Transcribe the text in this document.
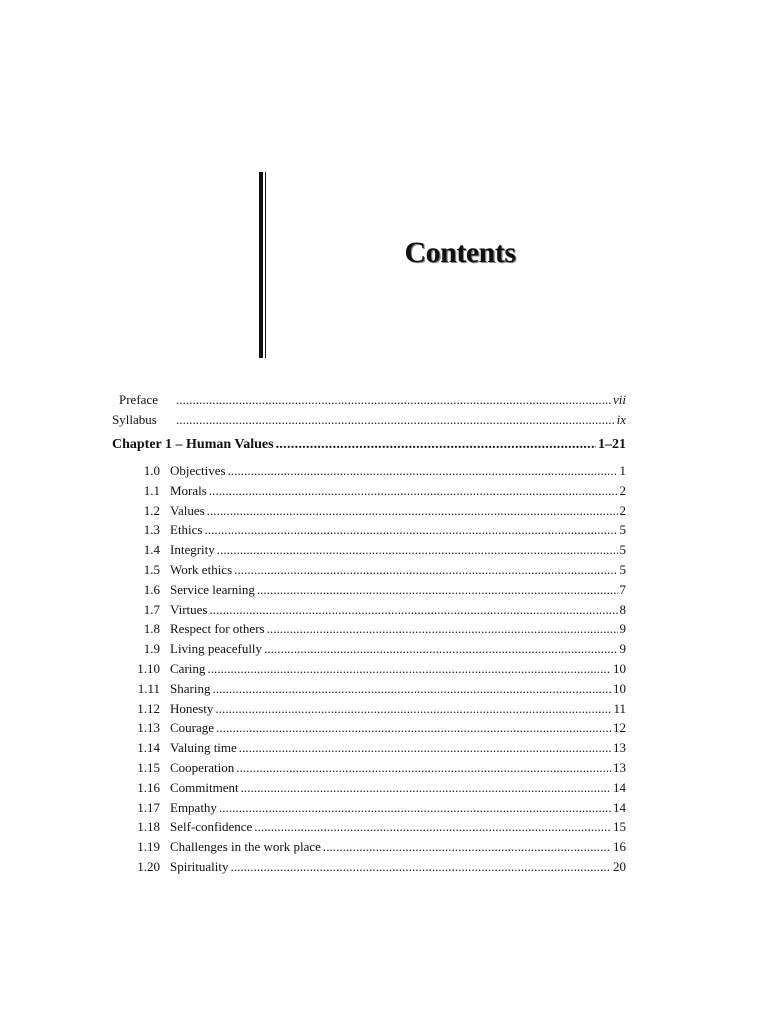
Contents
Preface . . .	vii
Syllabus . . .	ix
Chapter 1 – Human Values . . .	1–21
1.0 Objectives . . .	1
1.1 Morals . . .	2
1.2 Values . . .	2
1.3 Ethics . . .	5
1.4 Integrity . . .	5
1.5 Work ethics . . .	5
1.6 Service learning . . .	7
1.7 Virtues . . .	8
1.8 Respect for others . . .	9
1.9 Living peacefully . . .	9
1.10 Caring . . .	10
1.11 Sharing . . .	10
1.12 Honesty . . .	11
1.13 Courage . . .	12
1.14 Valuing time . . .	13
1.15 Cooperation . . .	13
1.16 Commitment . . .	14
1.17 Empathy . . .	14
1.18 Self-confidence . . .	15
1.19 Challenges in the work place . . .	16
1.20 Spirituality . . .	20
